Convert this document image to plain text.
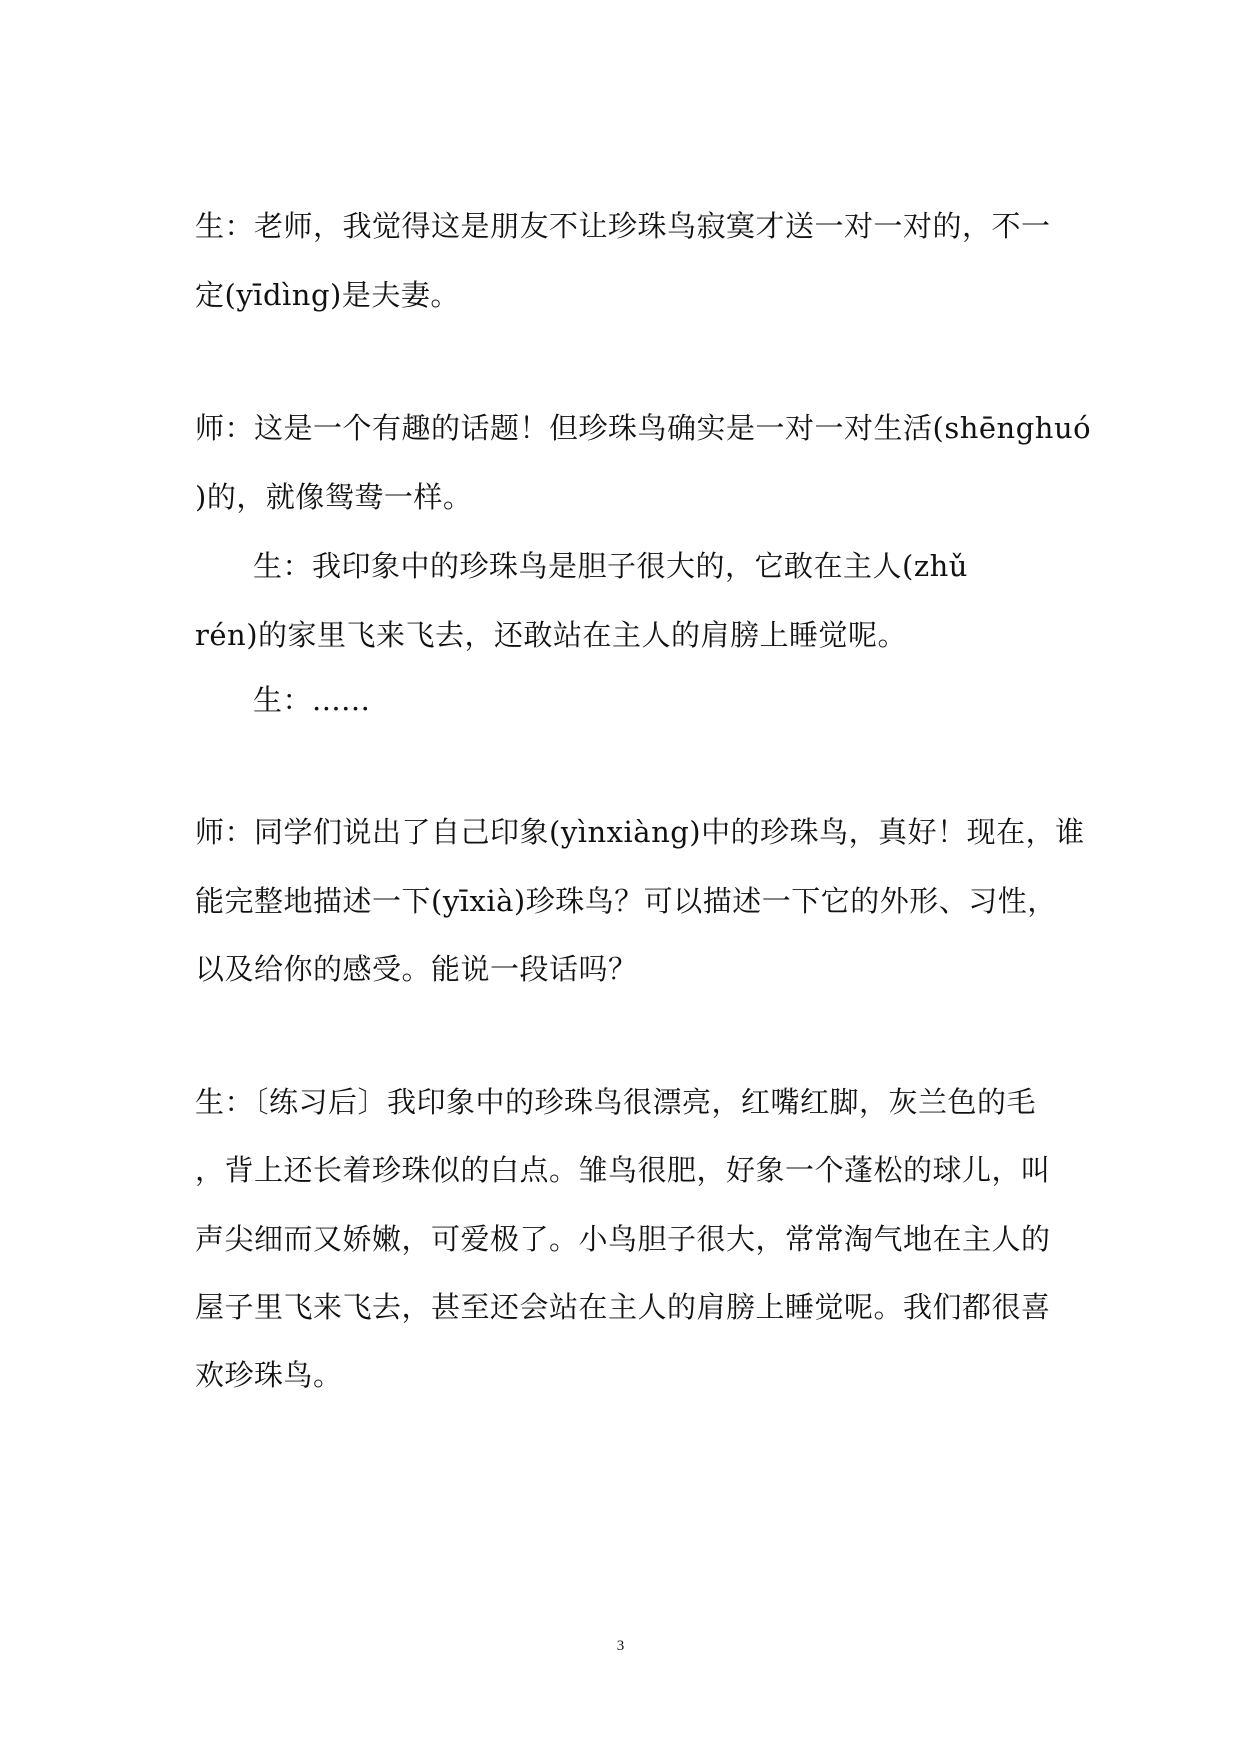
生：老师，我觉得这是朋友不让珍珠鸟寂寞才送一对一对的，不一
定(yīdìng)是夫妻。
师：这是一个有趣的话题！但珍珠鸟确实是一对一对生活(shēnghuó
)的，就像鸳鸯一样。
生：我印象中的珍珠鸟是胆子很大的，它敢在主人(zhǔ
rén)的家里飞来飞去，还敢站在主人的肩膀上睡觉呢。
生：......
师：同学们说出了自己印象(yìnxiàng)中的珍珠鸟，真好！现在，谁
能完整地描述一下(yīxià)珍珠鸟？可以描述一下它的外形、习性，
以及给你的感受。能说一段话吗？
生：〔练习后〕我印象中的珍珠鸟很漂亮，红嘴红脚，灰兰色的毛
，背上还长着珍珠似的白点。雏鸟很肥，好象一个蓬松的球儿，叫
声尖细而又娇嫩，可爱极了。小鸟胆子很大，常常淘气地在主人的
屋子里飞来飞去，甚至还会站在主人的肩膀上睡觉呢。我们都很喜
欢珍珠鸟。
3
